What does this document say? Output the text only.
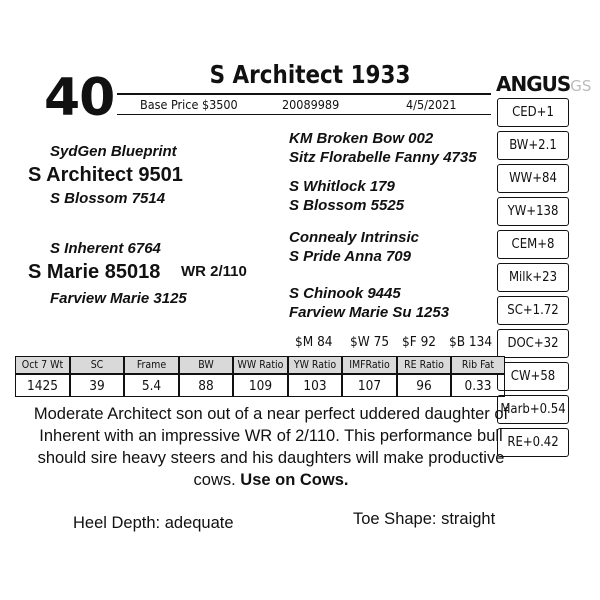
40	S Architect 1933
Base Price $3500	20089989	4/5/2021
ANGUSGS
CED+1
BW+2.1
WW+84
YW+138
CEM+8
Milk+23
SC+1.72
DOC+32
CW+58
Marb+0.54
RE+0.42
SydGen Blueprint
S Architect 9501
S Blossom 7514
S Inherent 6764
S Marie 85018 WR 2/110
Farview Marie 3125
KM Broken Bow 002
Sitz Florabelle Fanny 4735
S Whitlock 179
S Blossom 5525
Connealy Intrinsic
S Pride Anna 709
S Chinook 9445
Farview Marie Su 1253
$M 84 $W 75 $F 92 $B 134
Oct 7 Wt	SC	Frame	BW	WW Ratio	YW Ratio	IMFRatio	RE Ratio	Rib Fat
1425	39	5.4	88	109	103	107	96	0.33
Moderate Architect son out of a near perfect uddered daughter of Inherent with an impressive WR of 2/110. This performance bull should sire heavy steers and his daughters will make productive cows. Use on Cows.
Heel Depth: adequate	Toe Shape: straight
